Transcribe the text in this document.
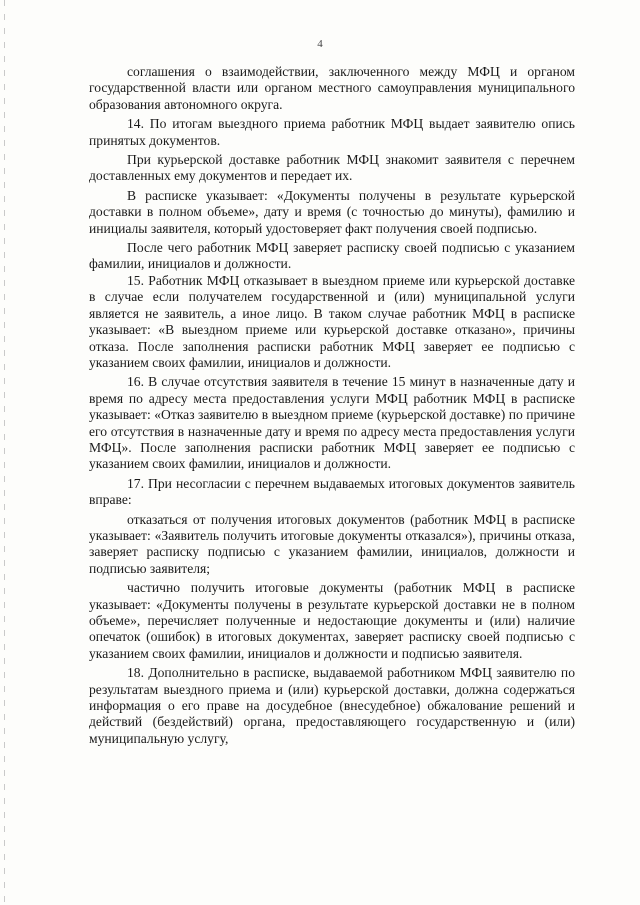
4

соглашения о взаимодействии, заключенного между МФЦ и органом государственной власти или органом местного самоуправления муниципального образования автономного округа.

14. По итогам выездного приема работник МФЦ выдает заявителю опись принятых документов.

При курьерской доставке работник МФЦ знакомит заявителя с перечнем доставленных ему документов и передает их.

В расписке указывает: «Документы получены в результате курьерской доставки в полном объеме», дату и время (с точностью до минуты), фамилию и инициалы заявителя, который удостоверяет факт получения своей подписью.

После чего работник МФЦ заверяет расписку своей подписью с указанием фамилии, инициалов и должности.

15. Работник МФЦ отказывает в выездном приеме или курьерской доставке в случае если получателем государственной и (или) муниципальной услуги является не заявитель, а иное лицо. В таком случае работник МФЦ в расписке указывает: «В выездном приеме или курьерской доставке отказано», причины отказа. После заполнения расписки работник МФЦ заверяет ее подписью с указанием своих фамилии, инициалов и должности.

16. В случае отсутствия заявителя в течение 15 минут в назначенные дату и время по адресу места предоставления услуги МФЦ работник МФЦ в расписке указывает: «Отказ заявителю в выездном приеме (курьерской доставке) по причине его отсутствия в назначенные дату и время по адресу места предоставления услуги МФЦ». После заполнения расписки работник МФЦ заверяет ее подписью с указанием своих фамилии, инициалов и должности.

17. При несогласии с перечнем выдаваемых итоговых документов заявитель вправе:

отказаться от получения итоговых документов (работник МФЦ в расписке указывает: «Заявитель получить итоговые документы отказался»), причины отказа, заверяет расписку подписью с указанием фамилии, инициалов, должности и подписью заявителя;

частично получить итоговые документы (работник МФЦ в расписке указывает: «Документы получены в результате курьерской доставки не в полном объеме», перечисляет полученные и недостающие документы и (или) наличие опечаток (ошибок) в итоговых документах, заверяет расписку своей подписью с указанием своих фамилии, инициалов и должности и подписью заявителя.

18. Дополнительно в расписке, выдаваемой работником МФЦ заявителю по результатам выездного приема и (или) курьерской доставки, должна содержаться информация о его праве на досудебное (внесудебное) обжалование решений и действий (бездействий) органа, предоставляющего государственную и (или) муниципальную услугу,
